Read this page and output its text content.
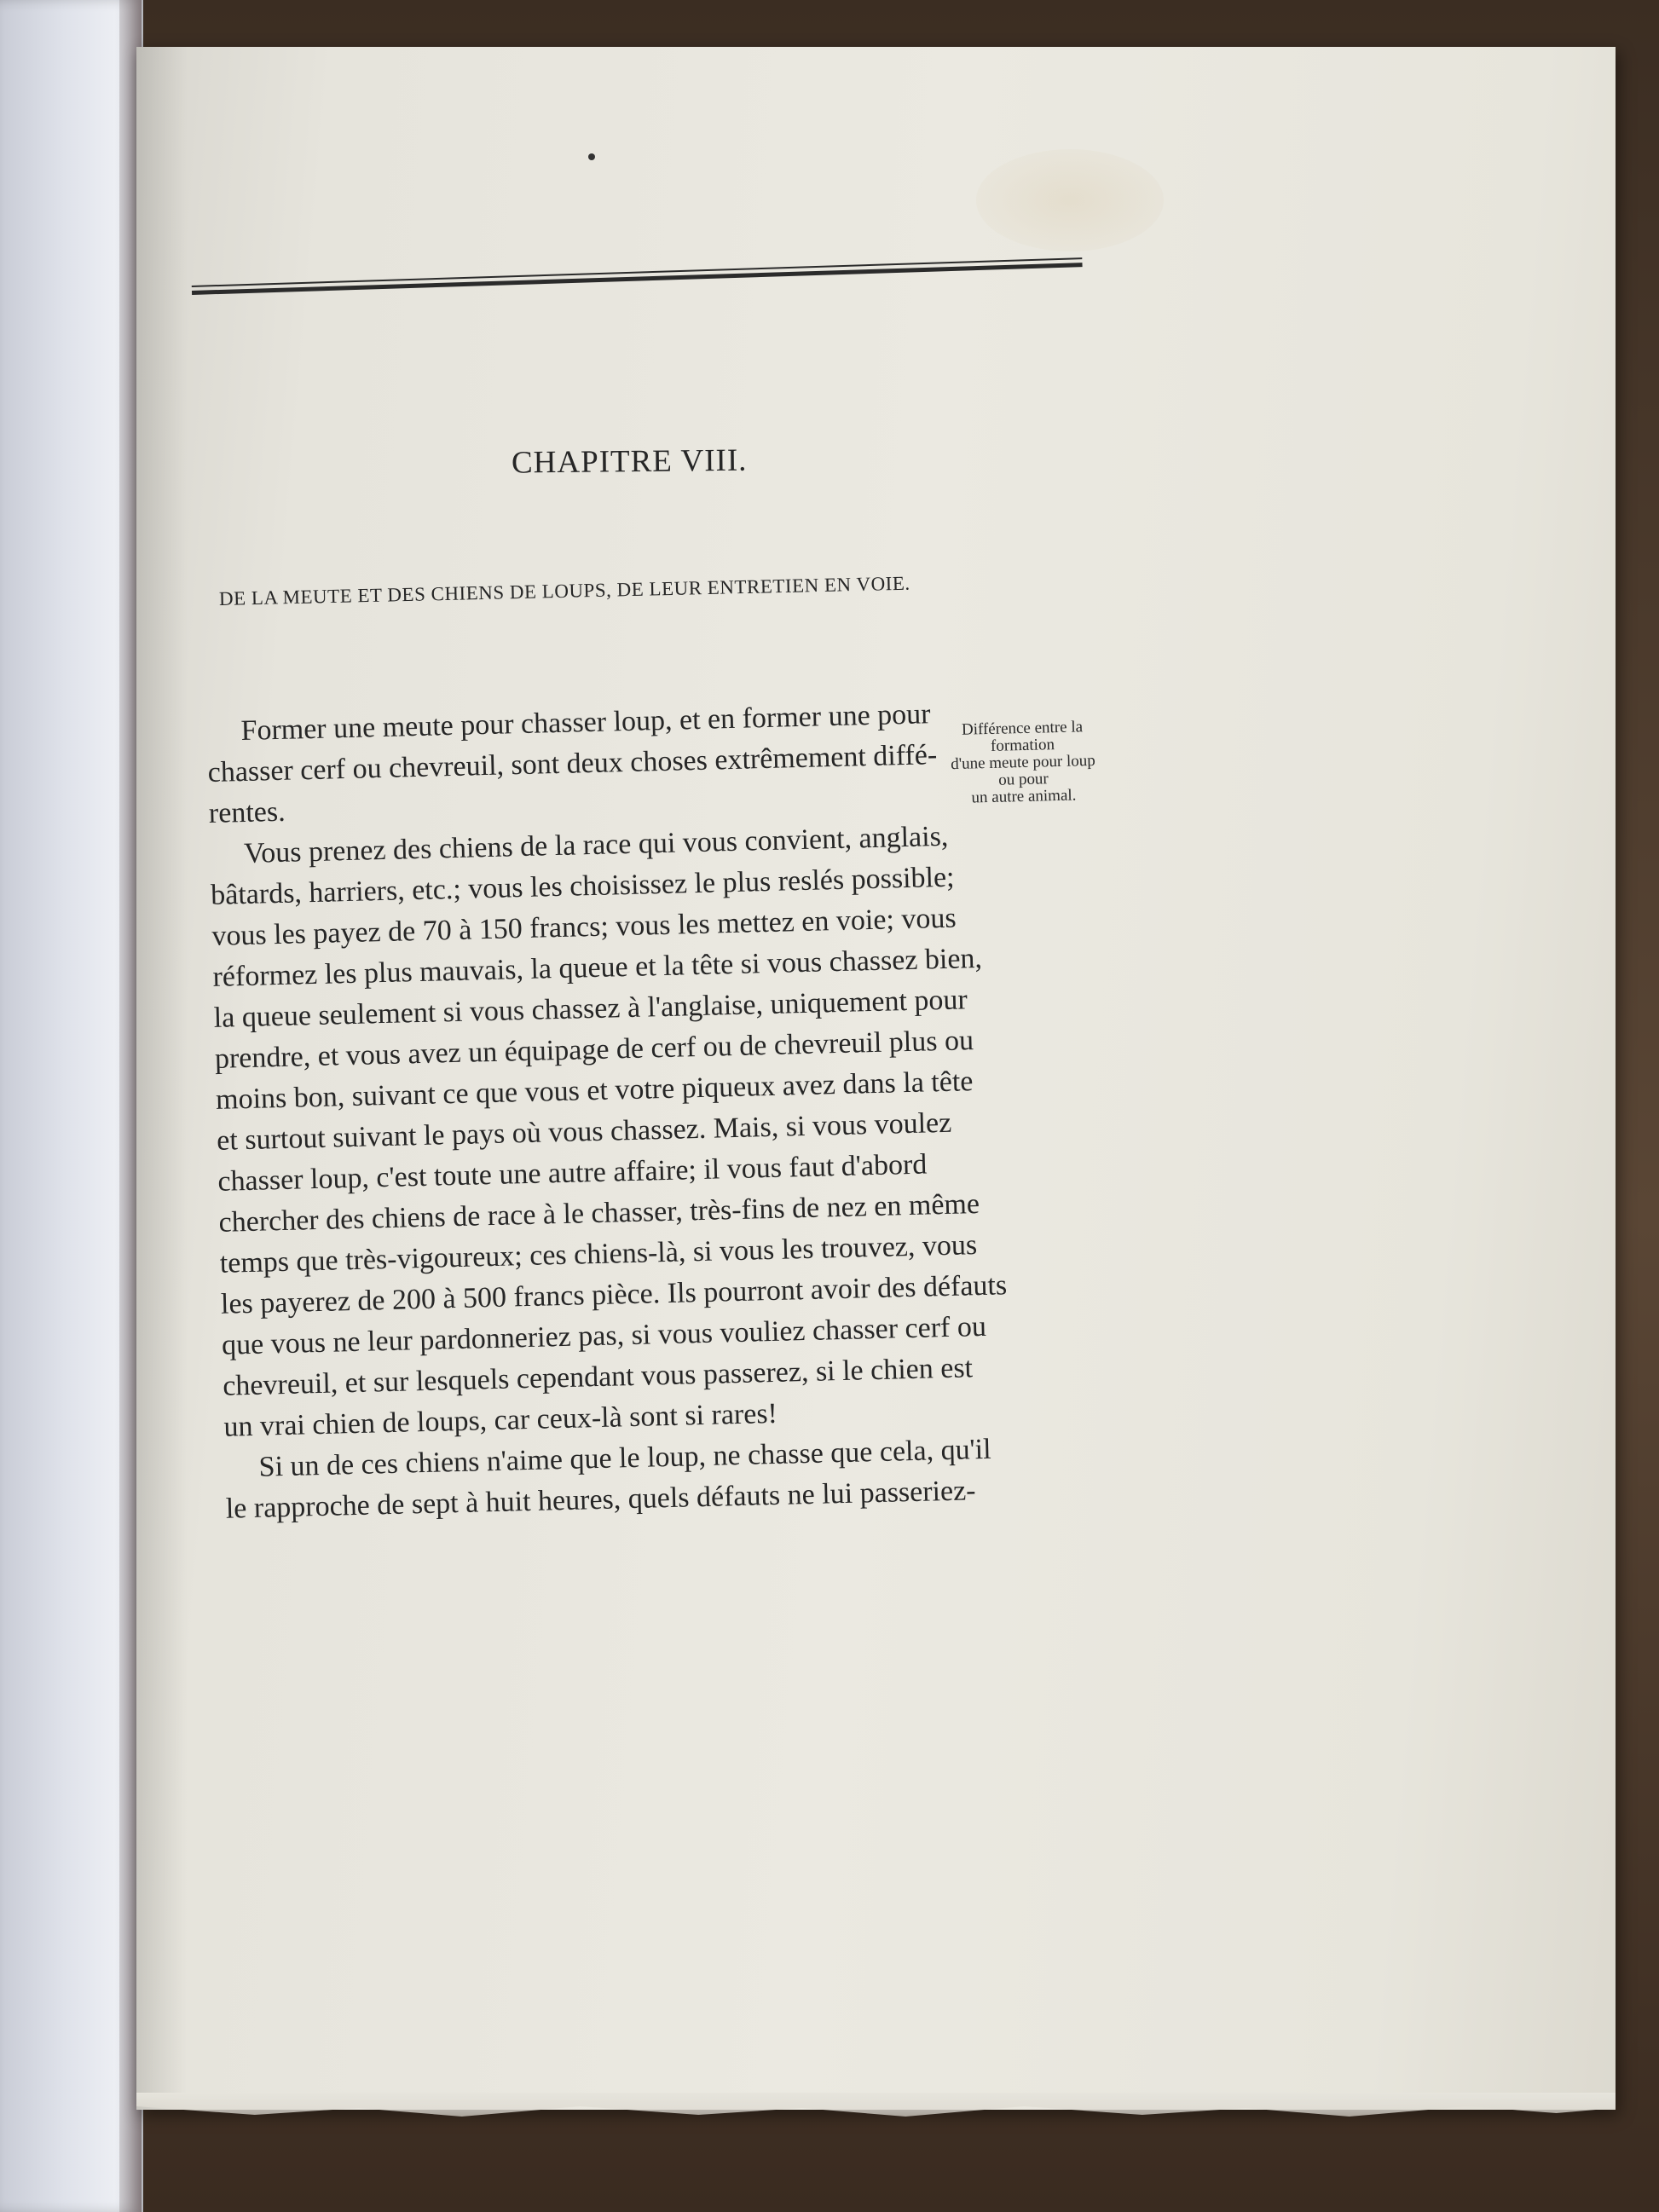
CHAPITRE VIII.
DE LA MEUTE ET DES CHIENS DE LOUPS, DE LEUR ENTRETIEN EN VOIE.
Différence entre la
formation
d'une meute pour loup
ou pour
un autre animal.
Former une meute pour chasser loup, et en former une pour
chasser cerf ou chevreuil, sont deux choses extrêmement diffé-
rentes.
Vous prenez des chiens de la race qui vous convient, anglais,
bâtards, harriers, etc.; vous les choisissez le plus reslés possible;
vous les payez de 70 à 150 francs; vous les mettez en voie; vous
réformez les plus mauvais, la queue et la tête si vous chassez bien,
la queue seulement si vous chassez à l'anglaise, uniquement pour
prendre, et vous avez un équipage de cerf ou de chevreuil plus ou
moins bon, suivant ce que vous et votre piqueux avez dans la tête
et surtout suivant le pays où vous chassez. Mais, si vous voulez
chasser loup, c'est toute une autre affaire; il vous faut d'abord
chercher des chiens de race à le chasser, très-fins de nez en même
temps que très-vigoureux; ces chiens-là, si vous les trouvez, vous
les payerez de 200 à 500 francs pièce. Ils pourront avoir des défauts
que vous ne leur pardonneriez pas, si vous vouliez chasser cerf ou
chevreuil, et sur lesquels cependant vous passerez, si le chien est
un vrai chien de loups, car ceux-là sont si rares!
Si un de ces chiens n'aime que le loup, ne chasse que cela, qu'il
le rapproche de sept à huit heures, quels défauts ne lui passeriez-
